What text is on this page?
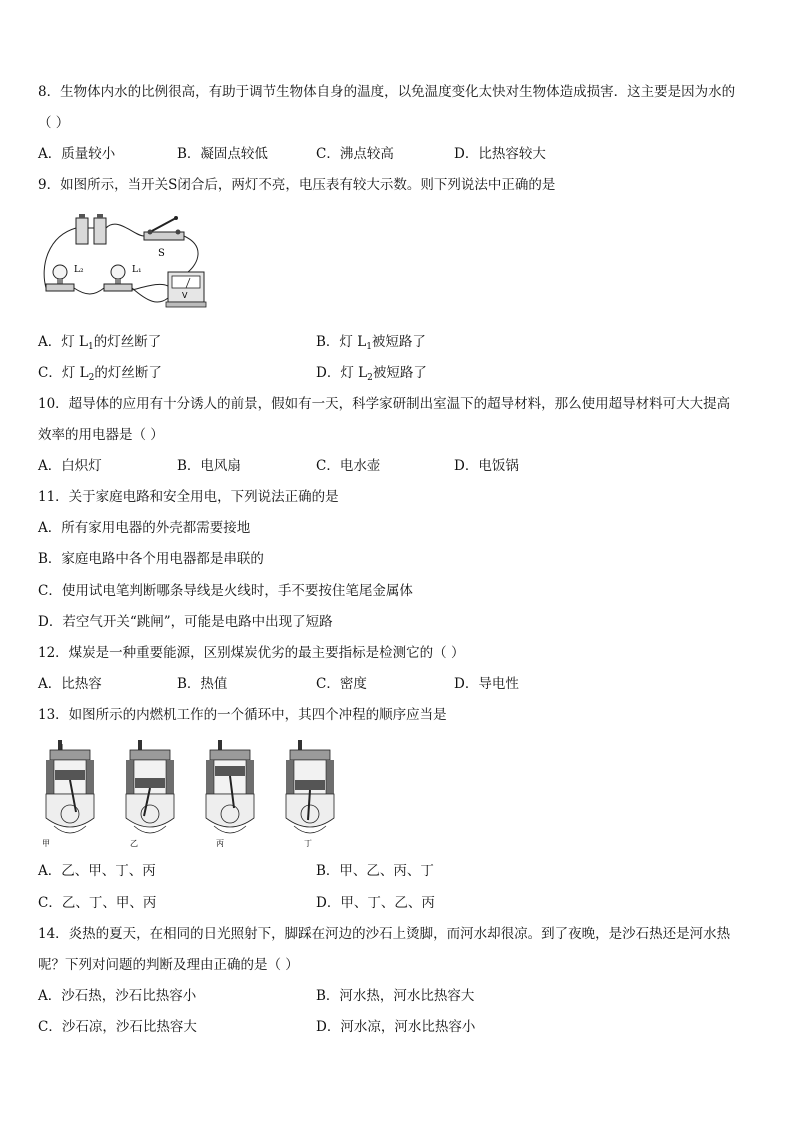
8．生物体内水的比例很高，有助于调节生物体自身的温度，以免温度变化太快对生物体造成损害．这主要是因为水的
（ ）
A．质量较小	B．凝固点较低	C．沸点较高	D．比热容较大
9．如图所示，当开关S闭合后，两灯不亮，电压表有较大示数。则下列说法中正确的是
S
L₂	L₁
V
A．灯 $L_1$的灯丝断了	B．灯 $L_1$被短路了
C．灯 $L_2$的灯丝断了	D．灯 $L_2$被短路了
10．超导体的应用有十分诱人的前景，假如有一天，科学家研制出室温下的超导材料，那么使用超导材料可大大提高
效率的用电器是（ ）
A．白炽灯	B．电风扇	C．电水壶	D．电饭锅
11．关于家庭电路和安全用电，下列说法正确的是
A．所有家用电器的外壳都需要接地
B．家庭电路中各个用电器都是串联的
C．使用试电笔判断哪条导线是火线时，手不要按住笔尾金属体
D．若空气开关“跳闸”，可能是电路中出现了短路
12．煤炭是一种重要能源，区别煤炭优劣的最主要指标是检测它的（ ）
A．比热容	B．热值	C．密度	D．导电性
13．如图所示的内燃机工作的一个循环中，其四个冲程的顺序应当是
甲	乙	丙	丁
A．乙、甲、丁、丙	B．甲、乙、丙、丁
C．乙、丁、甲、丙	D．甲、丁、乙、丙
14．炎热的夏天，在相同的日光照射下，脚踩在河边的沙石上烫脚，而河水却很凉。到了夜晚，是沙石热还是河水热
呢？下列对问题的判断及理由正确的是（ ）
A．沙石热，沙石比热容小	B．河水热，河水比热容大
C．沙石凉，沙石比热容大	D．河水凉，河水比热容小
